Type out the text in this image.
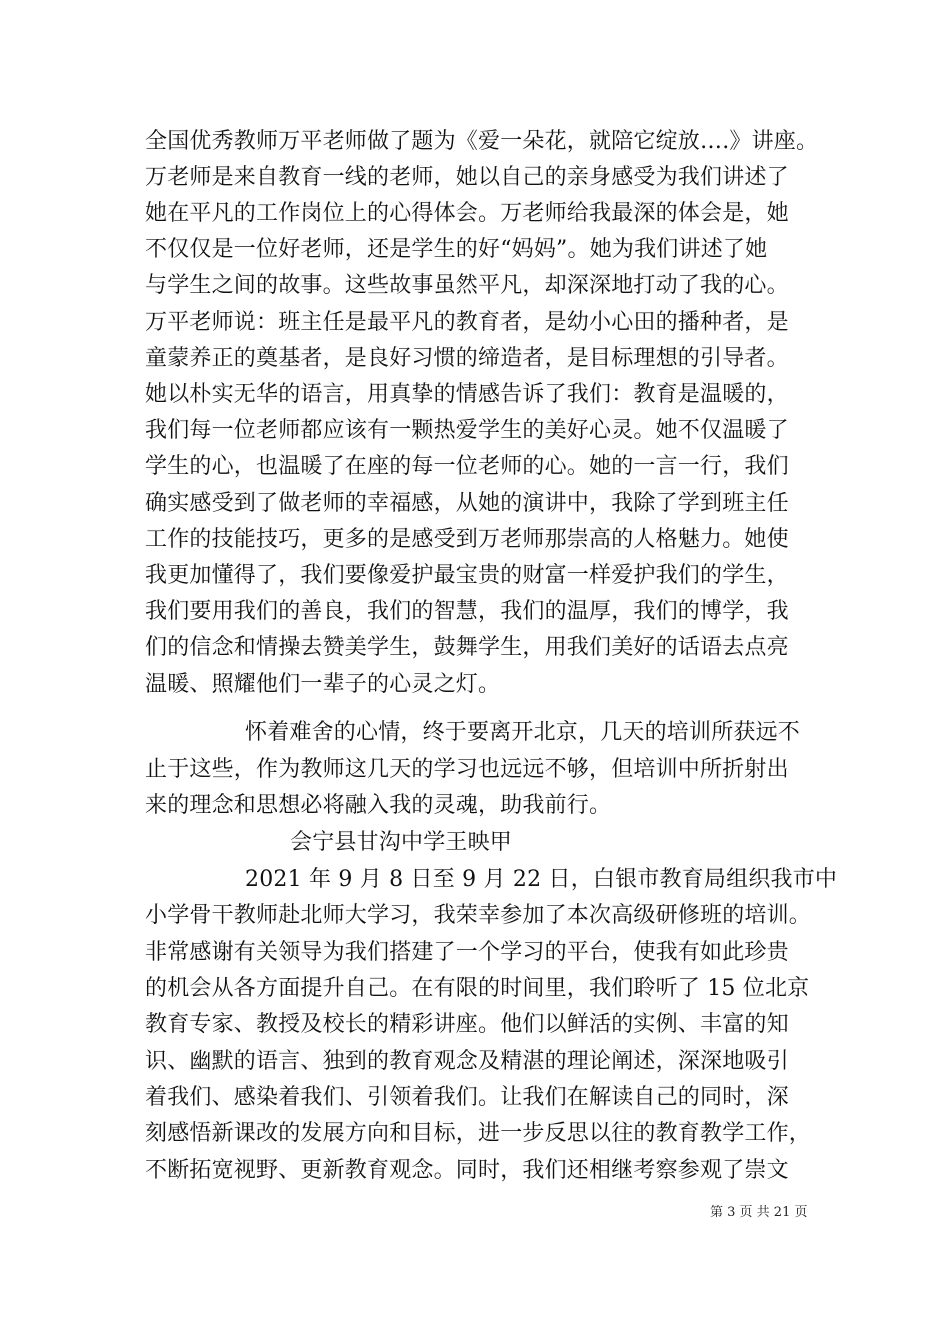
全国优秀教师万平老师做了题为《爱一朵花，就陪它绽放….》讲座。
万老师是来自教育一线的老师，她以自己的亲身感受为我们讲述了
她在平凡的工作岗位上的心得体会。万老师给我最深的体会是，她
不仅仅是一位好老师，还是学生的好“妈妈”。她为我们讲述了她
与学生之间的故事。这些故事虽然平凡，却深深地打动了我的心。
万平老师说：班主任是最平凡的教育者，是幼小心田的播种者，是
童蒙养正的奠基者，是良好习惯的缔造者，是目标理想的引导者。
她以朴实无华的语言，用真挚的情感告诉了我们：教育是温暖的，
我们每一位老师都应该有一颗热爱学生的美好心灵。她不仅温暖了
学生的心，也温暖了在座的每一位老师的心。她的一言一行，我们
确实感受到了做老师的幸福感，从她的演讲中，我除了学到班主任
工作的技能技巧，更多的是感受到万老师那崇高的人格魅力。她使
我更加懂得了，我们要像爱护最宝贵的财富一样爱护我们的学生，
我们要用我们的善良，我们的智慧，我们的温厚，我们的博学，我
们的信念和情操去赞美学生，鼓舞学生，用我们美好的话语去点亮
温暖、照耀他们一辈子的心灵之灯。
怀着难舍的心情，终于要离开北京，几天的培训所获远不
止于这些，作为教师这几天的学习也远远不够，但培训中所折射出
来的理念和思想必将融入我的灵魂，助我前行。
会宁县甘沟中学王映甲
2021 年 9 月 8 日至 9 月 22 日，白银市教育局组织我市中
小学骨干教师赴北师大学习，我荣幸参加了本次高级研修班的培训。
非常感谢有关领导为我们搭建了一个学习的平台，使我有如此珍贵
的机会从各方面提升自己。在有限的时间里，我们聆听了 15 位北京
教育专家、教授及校长的精彩讲座。他们以鲜活的实例、丰富的知
识、幽默的语言、独到的教育观念及精湛的理论阐述，深深地吸引
着我们、感染着我们、引领着我们。让我们在解读自己的同时，深
刻感悟新课改的发展方向和目标，进一步反思以往的教育教学工作，
不断拓宽视野、更新教育观念。同时，我们还相继考察参观了崇文
第 3 页 共 21 页
